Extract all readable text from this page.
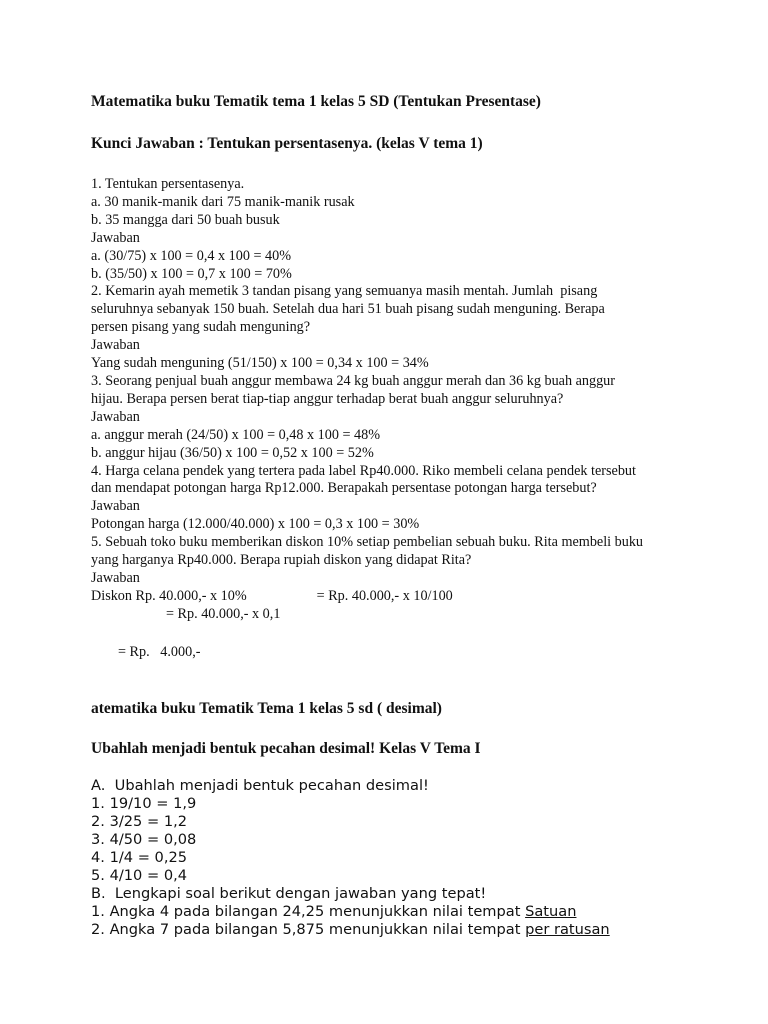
Matematika buku Tematik tema 1 kelas 5 SD (Tentukan Presentase)
Kunci Jawaban : Tentukan persentasenya. (kelas V tema 1)
1. Tentukan persentasenya.
a. 30 manik-manik dari 75 manik-manik rusak
b. 35 mangga dari 50 buah busuk
Jawaban
a. (30/75) x 100 = 0,4 x 100 = 40%
b. (35/50) x 100 = 0,7 x 100 = 70%
2. Kemarin ayah memetik 3 tandan pisang yang semuanya masih mentah. Jumlah  pisang
seluruhnya sebanyak 150 buah. Setelah dua hari 51 buah pisang sudah menguning. Berapa
persen pisang yang sudah menguning?
Jawaban
Yang sudah menguning (51/150) x 100 = 0,34 x 100 = 34%
3. Seorang penjual buah anggur membawa 24 kg buah anggur merah dan 36 kg buah anggur
hijau. Berapa persen berat tiap-tiap anggur terhadap berat buah anggur seluruhnya?
Jawaban
a. anggur merah (24/50) x 100 = 0,48 x 100 = 48%
b. anggur hijau (36/50) x 100 = 0,52 x 100 = 52%
4. Harga celana pendek yang tertera pada label Rp40.000. Riko membeli celana pendek tersebut
dan mendapat potongan harga Rp12.000. Berapakah persentase potongan harga tersebut?
Jawaban
Potongan harga (12.000/40.000) x 100 = 0,3 x 100 = 30%
5. Sebuah toko buku memberikan diskon 10% setiap pembelian sebuah buku. Rita membeli buku
yang harganya Rp40.000. Berapa rupiah diskon yang didapat Rita?
Jawaban
Diskon Rp. 40.000,- x 10%	= Rp. 40.000,- x 10/100
= Rp. 40.000,- x 0,1
= Rp.   4.000,-
atematika buku Tematik Tema 1 kelas 5 sd ( desimal)
Ubahlah menjadi bentuk pecahan desimal! Kelas V Tema I
A.  Ubahlah menjadi bentuk pecahan desimal!
1. 19/10 = 1,9
2. 3/25 = 1,2
3. 4/50 = 0,08
4. 1/4 = 0,25
5. 4/10 = 0,4
B.  Lengkapi soal berikut dengan jawaban yang tepat!
1. Angka 4 pada bilangan 24,25 menunjukkan nilai tempat Satuan
2. Angka 7 pada bilangan 5,875 menunjukkan nilai tempat per ratusan
